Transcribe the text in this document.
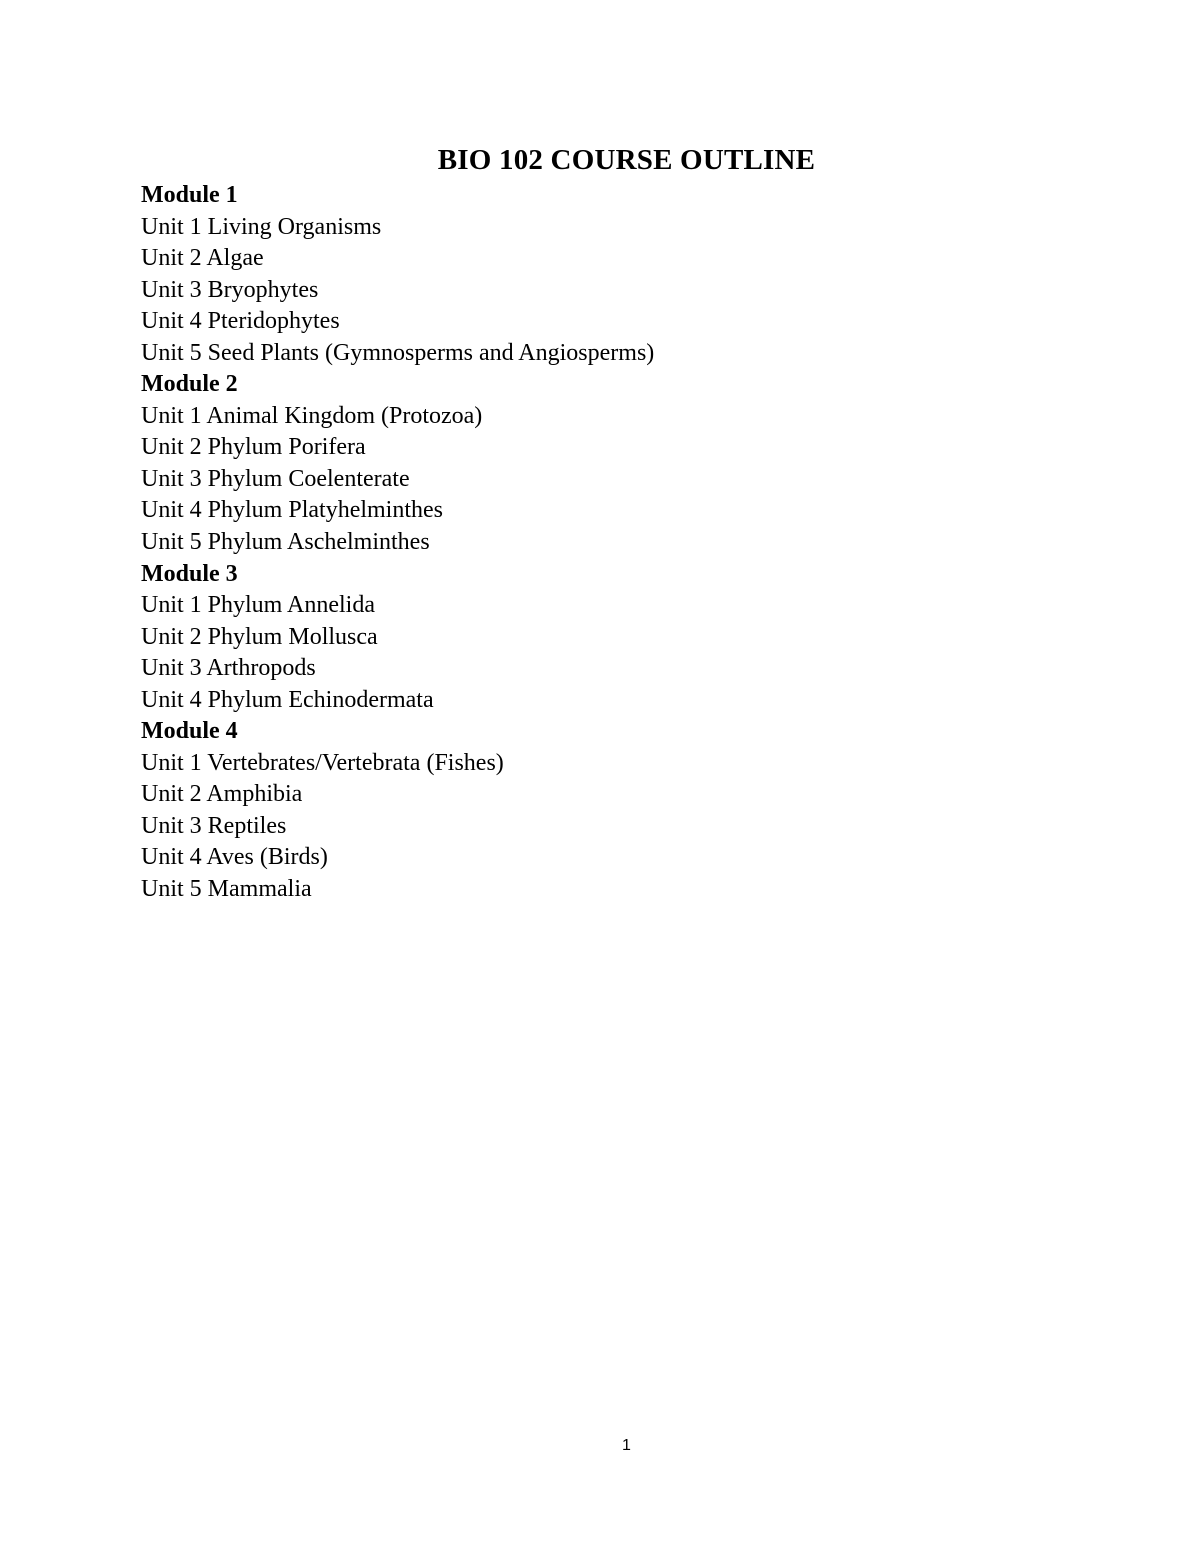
BIO 102 COURSE OUTLINE
Module 1
Unit 1 Living Organisms
Unit 2 Algae
Unit 3 Bryophytes
Unit 4 Pteridophytes
Unit 5 Seed Plants (Gymnosperms and Angiosperms)
Module 2
Unit 1 Animal Kingdom (Protozoa)
Unit 2 Phylum Porifera
Unit 3 Phylum Coelenterate
Unit 4 Phylum Platyhelminthes
Unit 5 Phylum Aschelminthes
Module 3
Unit 1 Phylum Annelida
Unit 2 Phylum Mollusca
Unit 3 Arthropods
Unit 4 Phylum Echinodermata
Module 4
Unit 1 Vertebrates/Vertebrata (Fishes)
Unit 2 Amphibia
Unit 3 Reptiles
Unit 4 Aves (Birds)
Unit 5 Mammalia
1
